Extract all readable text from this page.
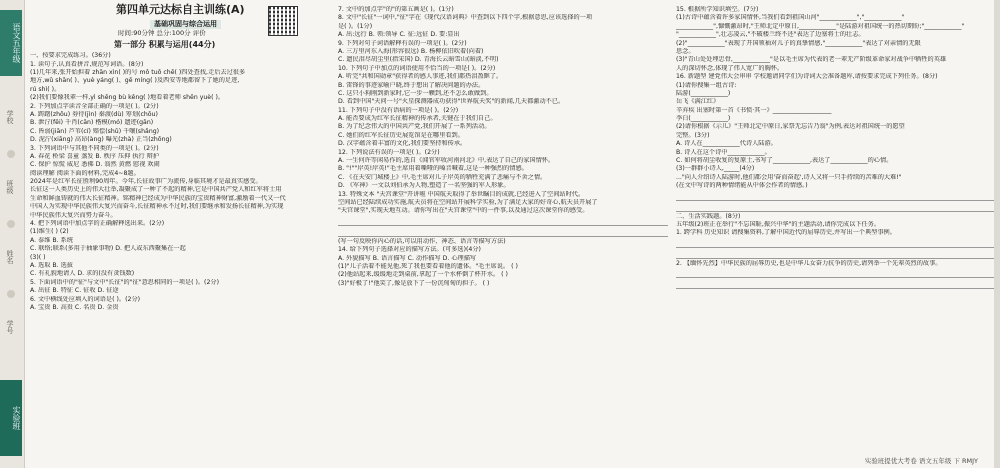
语文五年级
学校
班级
姓名
学号
实验班
第四单元达标自主训练(A)
基础巩固与综合运用
时间:90分钟 总分:100分 评价
第一部分 积累与运用(44分)
一、按要求完成练习。(36分)
1. 读句子,认真看拼音,规范写词语。(8分)
(1)几年来,张开始担着 zhān xìn( )的号 mǒ tuō chē( )四处查找,走后去过很多
地方,wǔ shān( )、yuè yáng( )、gē míng( )及西安等地都留下了她的足迹,
rú shì( )。
(2)我们要像我辈一样,yì shēng bù kěng( )地看着老师 shēn yuè( )。
2. 下列加点字读音全部正确的一项是( )。(2分)
A. 踌躇(zhōu) 券待(jìn) 秦渡(dù) 筹划(chōu)
B. 泄泞(fěi) 千肖(cān) 楷模(mó) 遗迹(gān)
C. 皆弱(jiān) 芦苇(cí) 赔偿(shǔ) 千嚷(shǎng)
D. 泥泞(xiāng) 高昂(àng) 曝光(zhà) 正当(zhōng)
3. 下列词语中与其他不同类的一项是( )。(2分)
A. 春花 桥梁 喜童 蒸发 B. 秩序 压抑 执行 辩护
C. 保护 惊慌 威尼 悉佛 D. 翁然 黄燃 慰视 欢闹
阅读理解 阅读下面的材料,完成4~8题。
2024年是红军长征胜利90周年。今年,长征故事广为流传,身临其境才是最真实感受。
长征这一人类历史上的伟大壮举,凝聚成了一种了不起的精神,它是中国共产党人和红军将士用
生命和鲜血铸就的伟大长征精神。铭精神已经成为中华民族的宝贵精神财富,激励着一代又一代
中国人为实现中华民族伟大复兴而奋斗,长征精神永不过时,我们要继承和发扬长征精神,为实现
中华民族伟大复兴而努力奋斗。
4. 把下列词语中加点字的正确解释选出来。(2分)
(1)维生( ) (2)
A. 泰维 B. 系统
C. 联络;联系(多用于抽象事物) D. 把人或东西聚集在一起
(3)( )
A. 选取 B. 选拔
C. 有礼貌地请人 D. 求的(没有贪钱数)
5. 下面词语中的"征"与文中"长征"的"征"意思相同的一项是( )。(2分)
A. 出征 B. 特征 C. 征收 D. 征途
6. 文中横线处应填入的词语是( )。(2分)
A. 宝贵 B. 高贵 C. 名贵 D. 金贵
7. 文中的加点字"的"的第五画是( )。(1分)
8. 文中"长征"一词中,"征"字在《现代汉语词典》中查到以下四个字,根据意思,应该选择的一项
是( )。(1分)
A. 出:远行 B. 领:领导 C. 征:远征 D. 要:显出
9. 下列对句子词语解释有误的一项是( )。(2分)
A. 三万里河东入海(形容很远) B. 杨柳依旧吹着(向着)
C. 遗民泪尽胡尘里(指宋国) D. 青海长云暗雪山(暗淡,不明)
10. 下列句子中加点的词语使用不恰当的一项是( )。(2分)
A. 听完"共和国勋章"获得者的感人事迹,我们都热泪盈眶了。
B. 雷锋的事迹家喻户晓,终于想出了解决问题的办法。
C. 这只小狗刚到新家时,它一步一颗到,还不怎么敢做到。
D. 看到中国"天问一号"火星探测器成功获得"世界航天奖"的新闻,几天都激动不已。
11. 下列句子中没有语病的一项是( )。(2分)
A. 能否要成为红军长征精神的传承者,关键在于我们自己。
B. 为了纪念伟大的中国共产党,我们开展了一系列活动。
C. 她们的红军长征历史展览馆是在哪里看到。
D. 汉字蕴含着丰富的文化,我们要坚持和传承。
12. 下列说法有误的一项是( )。(2分)
A. 一生何许等闲易作的,选自《闻官军收河南河北》中,表达了自己的家国情怀。
B. "!""岸英!岸英!"毛主席用着嘶哑的嗓音喊着,这是一种强烈的情感。
C. 《在天安门城楼上》中,毛主席对儿子岸英的牺牲充满了悲痛与不舍之情。
D. 《军神》一文以刘伯承为人物,塑造了一名坚强的军人形象。
13. 特殊文本 "天宫课堂"开讲啦 中国航天取得了举世瞩目的成就,已经进入了空间站时代。
空间站已经陆续成功实施,航天员将在空间站开展科学实验,为了满足大家的好奇心,航天员开展了
"天宫课堂",实现天地互动。请你写出在"天宫课堂"中的一件事,以及通过这次课堂你的感受。
(写一句反映你内心的话,可以用动作、神态、语言等描写方法)
14. 给下列句子选择对应的描写方法。(可多选)(4分)
A. 外貌描写 B. 语言描写 C. 动作描写 D. 心理描写
(1)"儿子活着不能见他,死了我也要看着他的遗体。"毛主席说。 ( )
(2)他站起来,缓缓地走到桌前,拿起了一个水杯倒了杯开水。 ( )
(3)"好极了!"他笑了,像是放下了一份沉甸甸的担子。 ( )
15. 根据所学知识填空。(7分)
(1)古诗中蕴含着许多家国情怀,当我们看到祖国山河"____________","____________"
____________",慷慨激昂时,"王师北定中原日,____________"是陆游对祖国统一的热切期盼;"____________"
"____________",壮志凌云,"不破楼兰终不还"表达了边塞将士的壮志。
(2)"____________"表现了开国领袖对儿子的真挚情感,"____________"表达了对亲情的无限
思念。
(3)"青山处处埋忠骨,____________"是以毛主席为代表的老一辈无产阶级革命家对战争中牺牲的英雄
人的深切怀念,体现了伟人宽广的胸怀。
16. 新题型 建党伟大会串串 学校邀请同学们为诗词大会准备题库,请按要求完成下列任务。(8分)
(1)请你搜集一组古诗:
陆游(____________)
岳飞《满江红》
辛弃疾 出塞时第一首《书愤·其一》___________________
李白(____________)
(2)请你根据《示儿》"王师北定中原日,家祭无忘告乃翁"为例,表达对祖国统一的愿望
完整。(3分)
A. 诗人在____________代诗人陆游。
B. 诗人在这个诗中____________。
C. 如何将胡尘收复的复原土,书写了____________,表达了____________的心情。
(3)一群群小诗人,_____(4分)
..."向人介绍诗人陆游时,他们都会用'奋而奋起',诗人又将一只手持续的苦难的大难!"
(在文中写诗的两种情绪能从中体会作者的情感。)
二、生活实践题。(8分)
五年级(2)班正在举行"不忘国耻,振兴中华"的主题活动,请你完成以下任务。
1. 跨学科 历史知识 请搜集资料,了解中国近代的屈辱历史,并写出一个典型事例。
2. 【缅怀先烈】中华民族的屈辱历史,也是中华儿女奋力抗争的历史,请列举一个先辈英烈的故事。
实验班提优大考卷 语文五年级 下 RMJY
